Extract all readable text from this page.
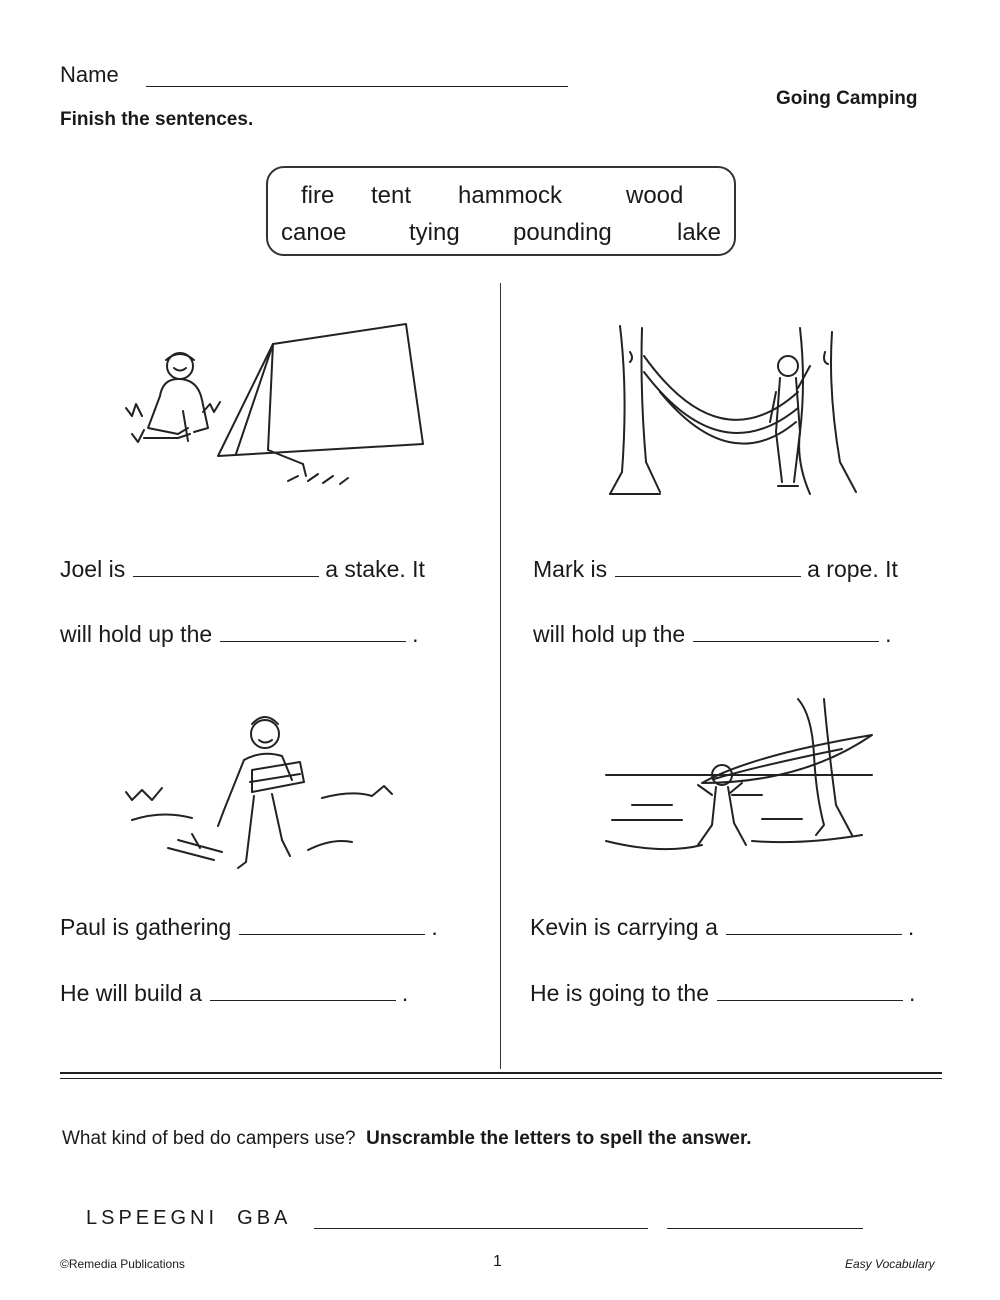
Name
Finish the sentences.
Going Camping
fire tent hammock	wood
canoe	tying pounding	lake
Joel is	a stake. It
will hold up the	.
Mark is	a rope. It
will hold up the	.
Paul is gathering	.
He will build a	.
Kevin is carrying a	.
He is going to the	.
What kind of bed do campers use? Unscramble the letters to spell the answer.
LSPEEGNI  GBA
©Remedia Publications	1	Easy Vocabulary
